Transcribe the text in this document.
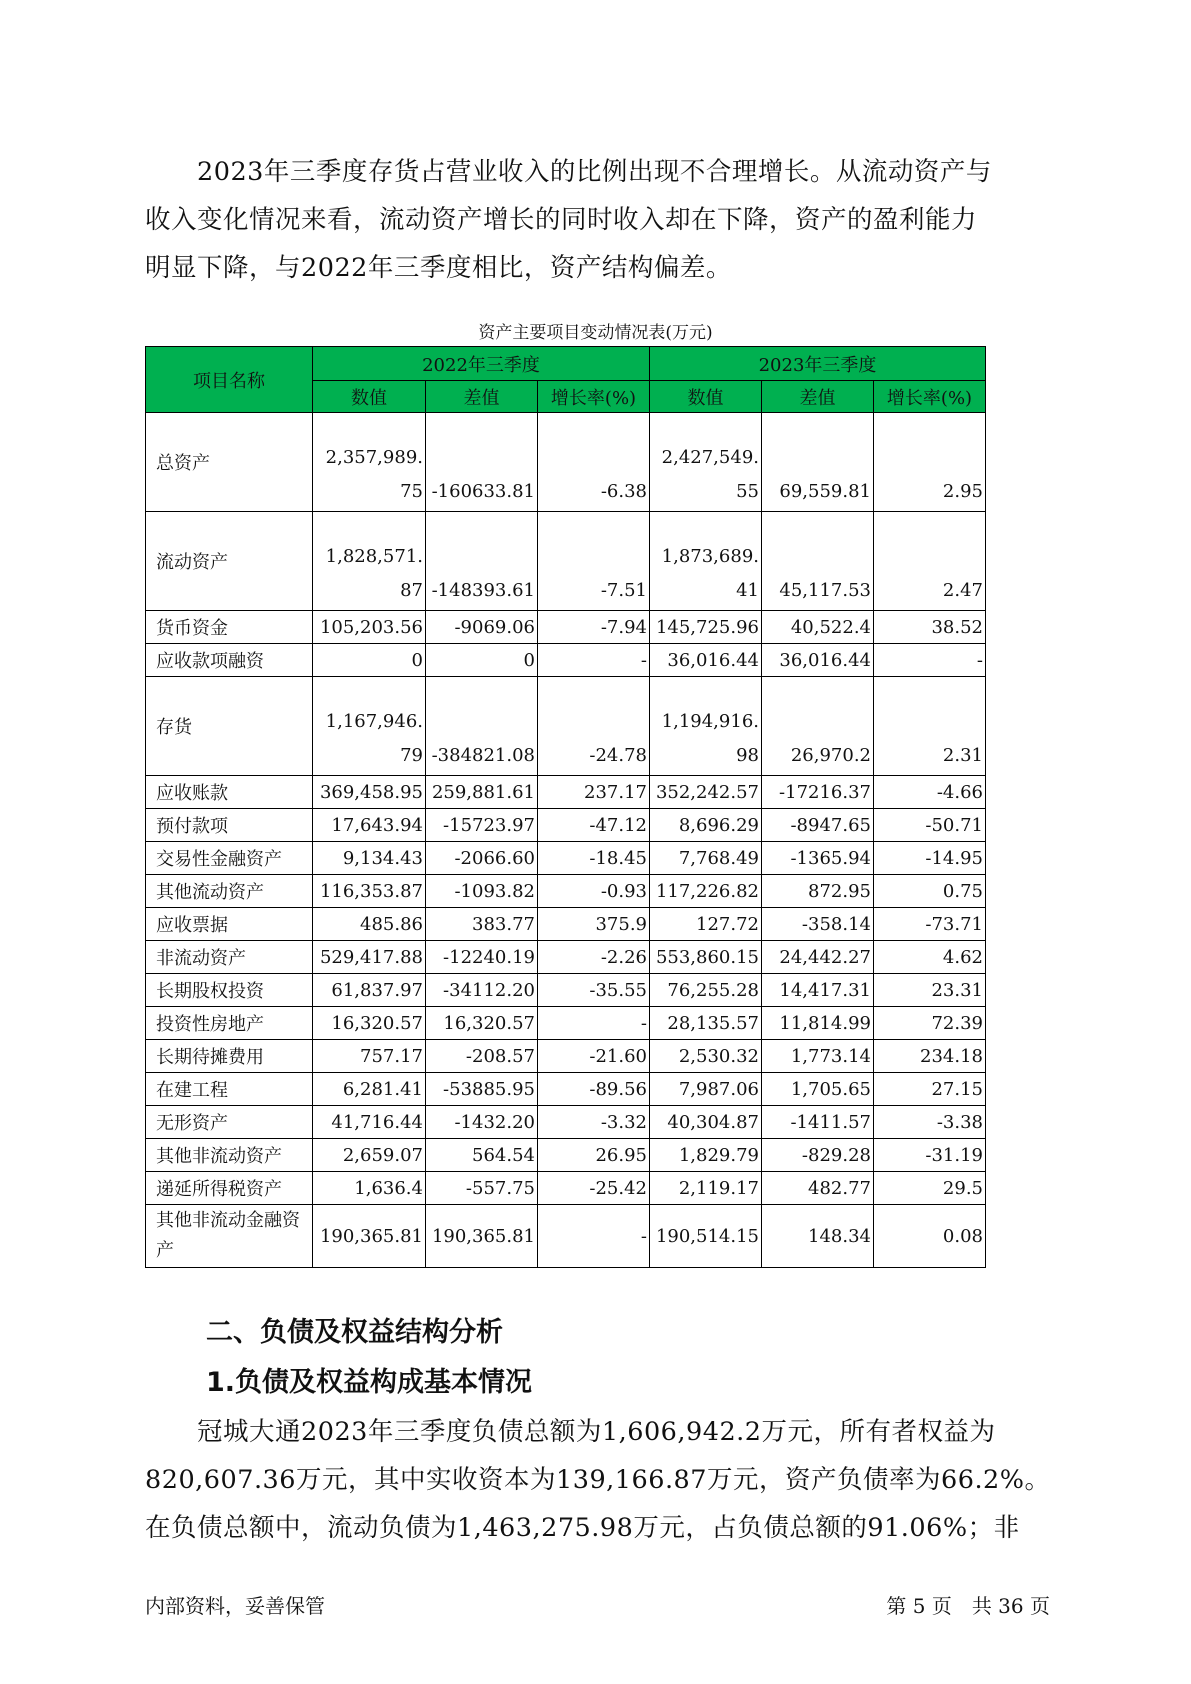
2023年三季度存货占营业收入的比例出现不合理增长。从流动资产与
收入变化情况来看，流动资产增长的同时收入却在下降，资产的盈利能力
明显下降，与2022年三季度相比，资产结构偏差。

资产主要项目变动情况表(万元)
项目名称	2022年三季度			2023年三季度		
	数值	差值	增长率(%)	数值	差值	增长率(%)
总资产	2,357,989.75	-160633.81	-6.38	2,427,549.55	69,559.81	2.95
流动资产	1,828,571.87	-148393.61	-7.51	1,873,689.41	45,117.53	2.47
货币资金	105,203.56	-9069.06	-7.94	145,725.96	40,522.4	38.52
应收款项融资	0	0	-	36,016.44	36,016.44	-
存货	1,167,946.79	-384821.08	-24.78	1,194,916.98	26,970.2	2.31
应收账款	369,458.95	259,881.61	237.17	352,242.57	-17216.37	-4.66
预付款项	17,643.94	-15723.97	-47.12	8,696.29	-8947.65	-50.71
交易性金融资产	9,134.43	-2066.60	-18.45	7,768.49	-1365.94	-14.95
其他流动资产	116,353.87	-1093.82	-0.93	117,226.82	872.95	0.75
应收票据	485.86	383.77	375.9	127.72	-358.14	-73.71
非流动资产	529,417.88	-12240.19	-2.26	553,860.15	24,442.27	4.62
长期股权投资	61,837.97	-34112.20	-35.55	76,255.28	14,417.31	23.31
投资性房地产	16,320.57	16,320.57	-	28,135.57	11,814.99	72.39
长期待摊费用	757.17	-208.57	-21.60	2,530.32	1,773.14	234.18
在建工程	6,281.41	-53885.95	-89.56	7,987.06	1,705.65	27.15
无形资产	41,716.44	-1432.20	-3.32	40,304.87	-1411.57	-3.38
其他非流动资产	2,659.07	564.54	26.95	1,829.79	-829.28	-31.19
递延所得税资产	1,636.4	-557.75	-25.42	2,119.17	482.77	29.5
其他非流动金融资产	190,365.81	190,365.81	-	190,514.15	148.34	0.08
二、负债及权益结构分析
1.负债及权益构成基本情况

冠城大通2023年三季度负债总额为1,606,942.2万元，所有者权益为
820,607.36万元，其中实收资本为139,166.87万元，资产负债率为66.2%。
在负债总额中，流动负债为1,463,275.98万元，占负债总额的91.06%；非

内部资料，妥善保管	第 5 页　共 36 页
